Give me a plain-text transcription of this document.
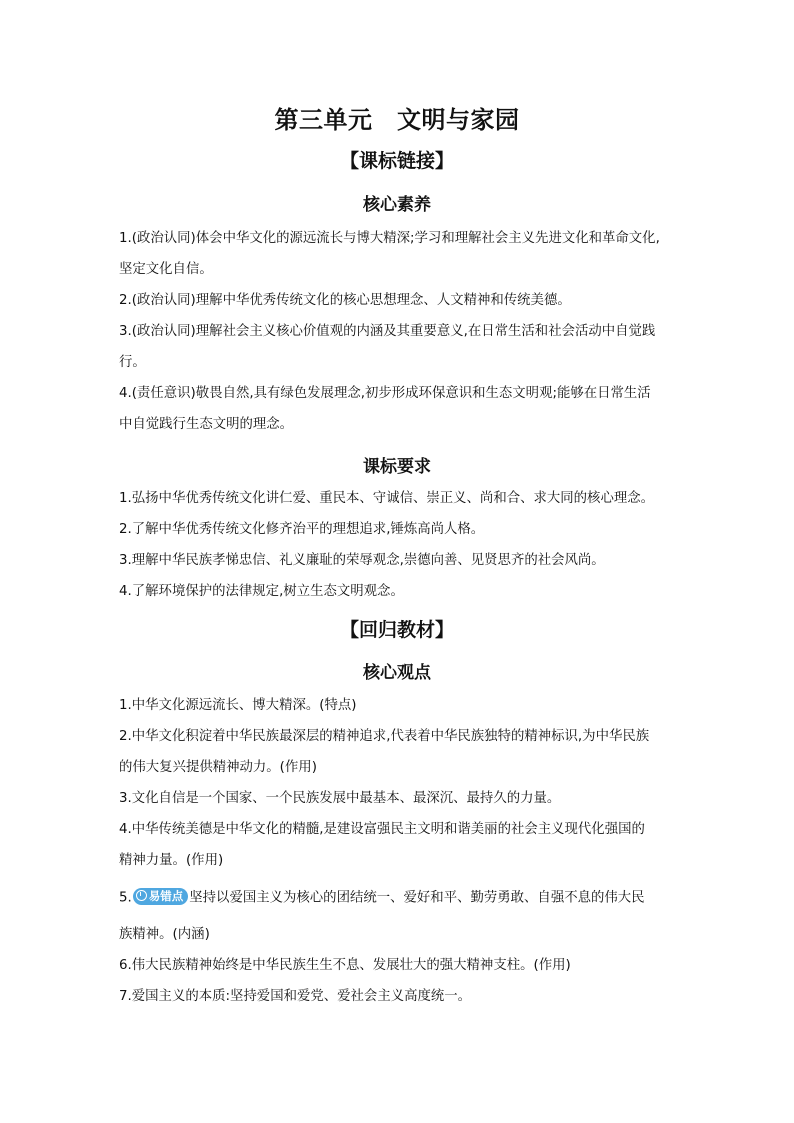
第三单元　文明与家园
【课标链接】
核心素养
1.(政治认同)体会中华文化的源远流长与博大精深;学习和理解社会主义先进文化和革命文化,
坚定文化自信。
2.(政治认同)理解中华优秀传统文化的核心思想理念、人文精神和传统美德。
3.(政治认同)理解社会主义核心价值观的内涵及其重要意义,在日常生活和社会活动中自觉践
行。
4.(责任意识)敬畏自然,具有绿色发展理念,初步形成环保意识和生态文明观;能够在日常生活
中自觉践行生态文明的理念。
课标要求
1.弘扬中华优秀传统文化讲仁爱、重民本、守诚信、崇正义、尚和合、求大同的核心理念。
2.了解中华优秀传统文化修齐治平的理想追求,锤炼高尚人格。
3.理解中华民族孝悌忠信、礼义廉耻的荣辱观念,崇德向善、见贤思齐的社会风尚。
4.了解环境保护的法律规定,树立生态文明观念。
【回归教材】
核心观点
1.中华文化源远流长、博大精深。(特点)
2.中华文化积淀着中华民族最深层的精神追求,代表着中华民族独特的精神标识,为中华民族
的伟大复兴提供精神动力。(作用)
3.文化自信是一个国家、一个民族发展中最基本、最深沉、最持久的力量。
4.中华传统美德是中华文化的精髓,是建设富强民主文明和谐美丽的社会主义现代化强国的
精神力量。(作用)
5. 易错点 坚持以爱国主义为核心的团结统一、爱好和平、勤劳勇敢、自强不息的伟大民
族精神。(内涵)
6.伟大民族精神始终是中华民族生生不息、发展壮大的强大精神支柱。(作用)
7.爱国主义的本质:坚持爱国和爱党、爱社会主义高度统一。
